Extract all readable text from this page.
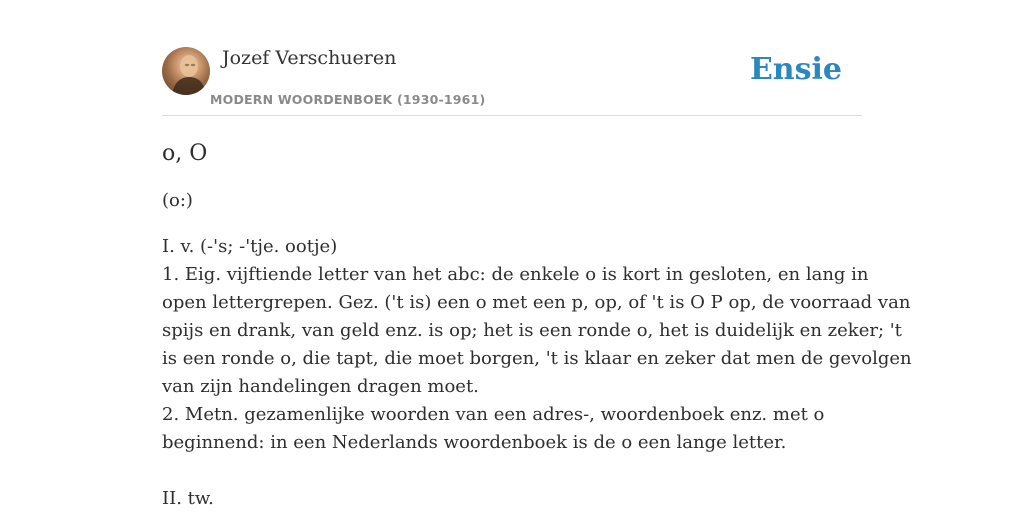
Jozef Verschueren
MODERN WOORDENBOEK (1930-1961)
Ensie
o, O
(o:)
I. v. (-'s; -'tje. ootje)
1. Eig. vijftiende letter van het abc: de enkele o is kort in gesloten, en lang in
open lettergrepen. Gez. ('t is) een o met een p, op, of 't is O P op, de voorraad van
spijs en drank, van geld enz. is op; het is een ronde o, het is duidelijk en zeker; 't
is een ronde o, die tapt, die moet borgen, 't is klaar en zeker dat men de gevolgen
van zijn handelingen dragen moet.
2. Metn. gezamenlijke woorden van een adres-, woordenboek enz. met o
beginnend: in een Nederlands woordenboek is de o een lange letter.
II. tw.
